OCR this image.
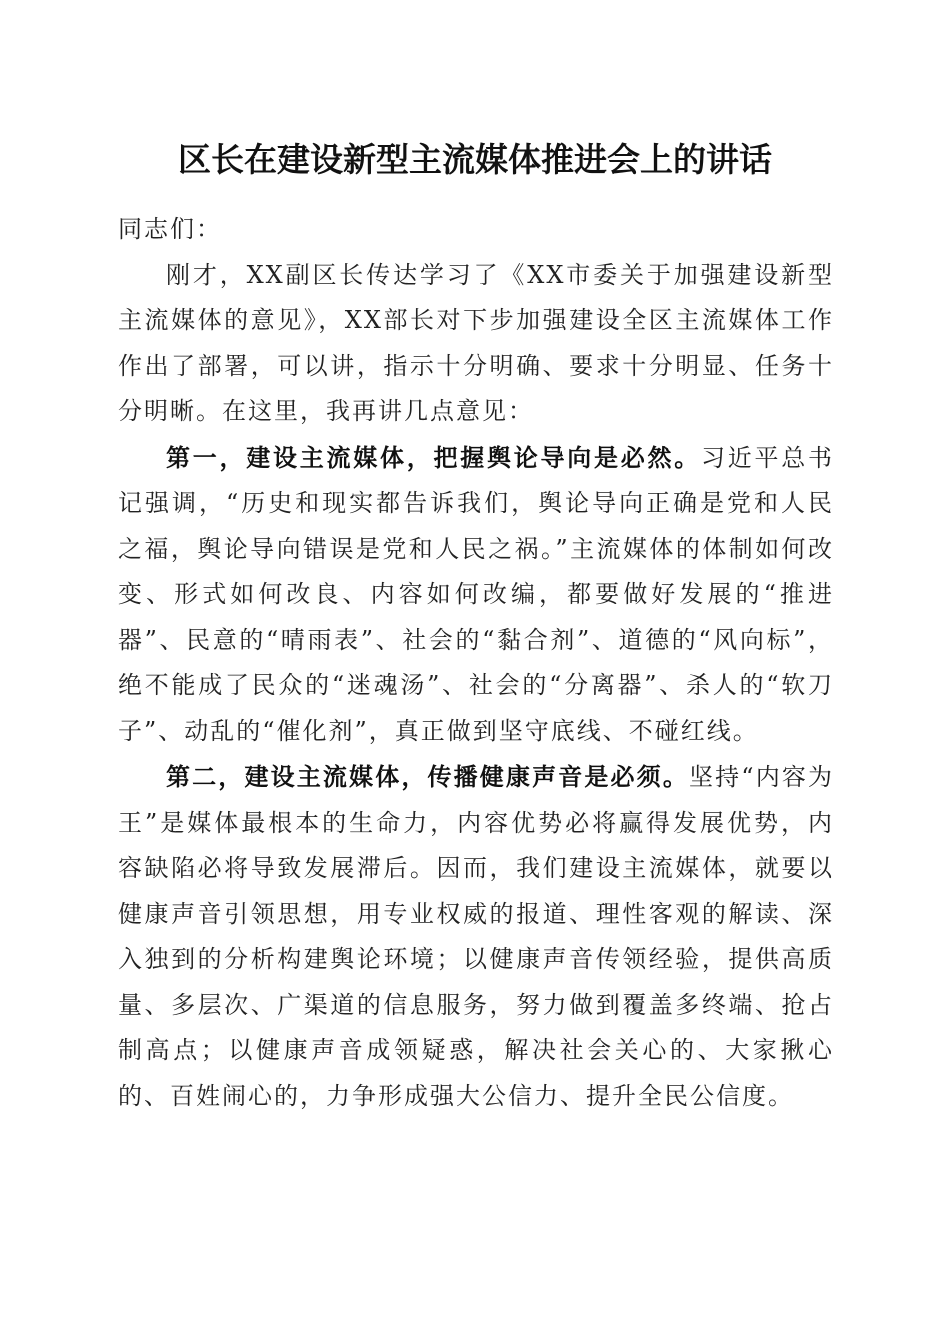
区长在建设新型主流媒体推进会上的讲话

同志们：

刚才，XX副区长传达学习了《XX市委关于加强建设新型主流媒体的意见》，XX部长对下步加强建设全区主流媒体工作作出了部署，可以讲，指示十分明确、要求十分明显、任务十分明晰。在这里，我再讲几点意见：

第一，建设主流媒体，把握舆论导向是必然。习近平总书记强调，“历史和现实都告诉我们，舆论导向正确是党和人民之福，舆论导向错误是党和人民之祸。”主流媒体的体制如何改变、形式如何改良、内容如何改编，都要做好发展的“推进器”、民意的“晴雨表”、社会的“黏合剂”、道德的“风向标”，绝不能成了民众的“迷魂汤”、社会的“分离器”、杀人的“软刀子”、动乱的“催化剂”，真正做到坚守底线、不碰红线。

第二，建设主流媒体，传播健康声音是必须。坚持“内容为王”是媒体最根本的生命力，内容优势必将赢得发展优势，内容缺陷必将导致发展滞后。因而，我们建设主流媒体，就要以健康声音引领思想，用专业权威的报道、理性客观的解读、深入独到的分析构建舆论环境；以健康声音传领经验，提供高质量、多层次、广渠道的信息服务，努力做到覆盖多终端、抢占制高点；以健康声音成领疑惑，解决社会关心的、大家揪心的、百姓闹心的，力争形成强大公信力、提升全民公信度。
